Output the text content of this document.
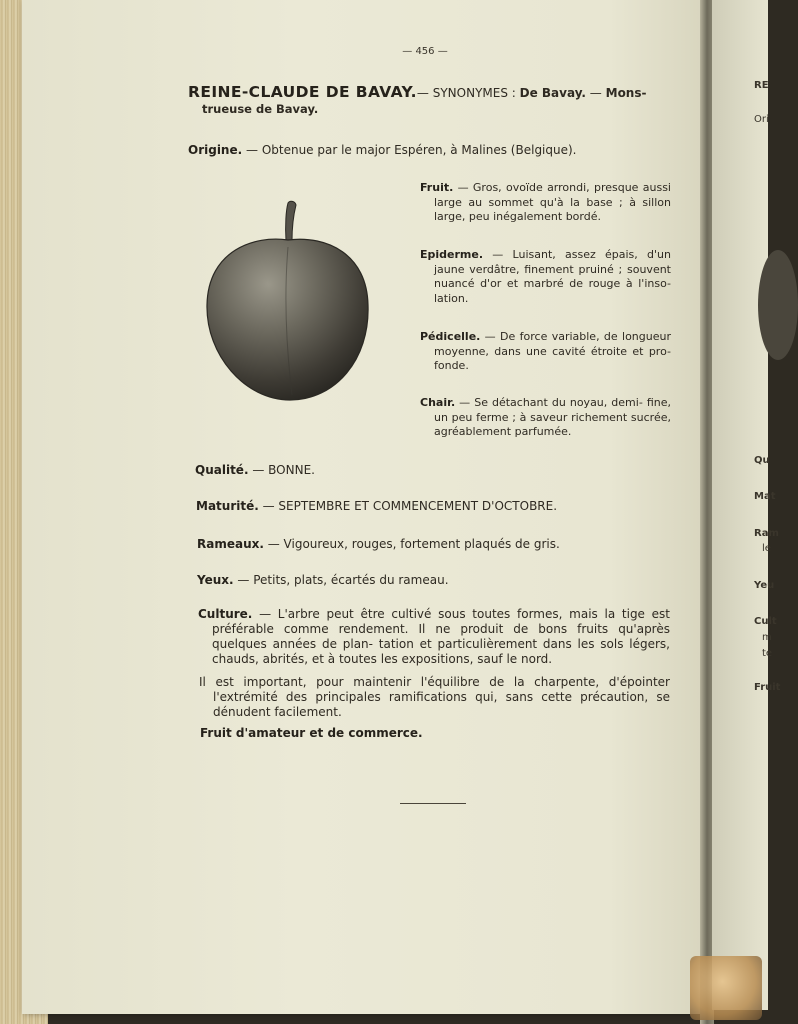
— 456 —
REINE-CLAUDE DE BAVAY.— SYNONYMES : De Bavay. — Mons-
trueuse de Bavay.
Origine. — Obtenue par le major Espéren, à Malines (Belgique).
Fruit. — Gros, ovoïde arrondi, presque aussi large au sommet qu'à la base ; à sillon large, peu inégalement bordé.
Epiderme. — Luisant, assez épais, d'un jaune verdâtre, finement pruiné ; souvent nuancé d'or et marbré de rouge à l'inso- lation.
Pédicelle. — De force variable, de longueur moyenne, dans une cavité étroite et pro- fonde.
Chair. — Se détachant du noyau, demi- fine, un peu ferme ; à saveur richement sucrée, agréablement parfumée.
Qualité. — BONNE.
Maturité. — SEPTEMBRE ET COMMENCEMENT D'OCTOBRE.
Rameaux. — Vigoureux, rouges, fortement plaqués de gris.
Yeux. — Petits, plats, écartés du rameau.
Culture. — L'arbre peut être cultivé sous toutes formes, mais la tige est préférable comme rendement. Il ne produit de bons fruits qu'après quelques années de plan- tation et particulièrement dans les sols légers, chauds, abrités, et à toutes les expositions, sauf le nord.
Il est important, pour maintenir l'équilibre de la charpente, d'épointer l'extrémité des principales ramifications qui, sans cette précaution, se dénudent facilement.
Fruit d'amateur et de commerce.
RE
Ori
Qu
Mat
Ram
le
Yeu
Cult
m
te
Fruit
